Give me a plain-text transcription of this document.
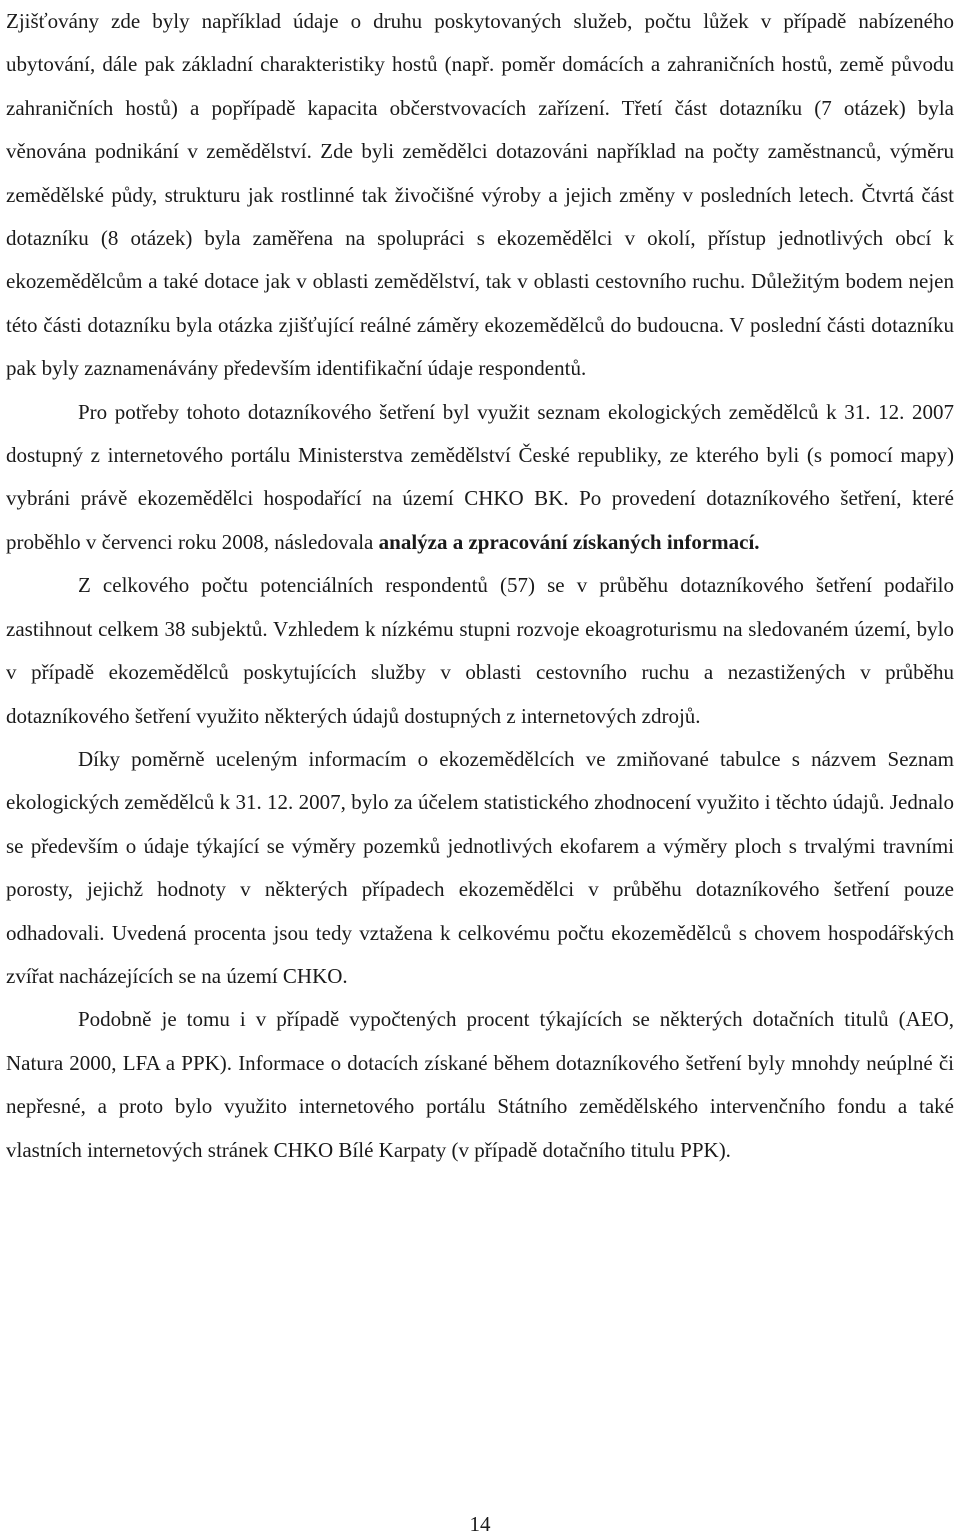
Zjišťovány zde byly například údaje o druhu poskytovaných služeb, počtu lůžek v případě nabízeného ubytování, dále pak základní charakteristiky hostů (např. poměr domácích a zahraničních hostů, země původu zahraničních hostů) a popřípadě kapacita občerstvovacích zařízení. Třetí část dotazníku (7 otázek) byla věnována podnikání v zemědělství. Zde byli zemědělci dotazováni například na počty zaměstnanců, výměru zemědělské půdy, strukturu jak rostlinné tak živočišné výroby a jejich změny v posledních letech. Čtvrtá část dotazníku (8 otázek) byla zaměřena na spolupráci s ekozemědělci v okolí, přístup jednotlivých obcí k ekozemědělcům a také dotace jak v oblasti zemědělství, tak v oblasti cestovního ruchu. Důležitým bodem nejen této části dotazníku byla otázka zjišťující reálné záměry ekozemědělců do budoucna. V poslední části dotazníku pak byly zaznamenávány především identifikační údaje respondentů.

Pro potřeby tohoto dotazníkového šetření byl využit seznam ekologických zemědělců k 31. 12. 2007 dostupný z internetového portálu Ministerstva zemědělství České republiky, ze kterého byli (s pomocí mapy) vybráni právě ekozemědělci hospodařící na území CHKO BK. Po provedení dotazníkového šetření, které proběhlo v červenci roku 2008, následovala analýza a zpracování získaných informací.

Z celkového počtu potenciálních respondentů (57) se v průběhu dotazníkového šetření podařilo zastihnout celkem 38 subjektů. Vzhledem k nízkému stupni rozvoje ekoagroturismu na sledovaném území, bylo v případě ekozemědělců poskytujících služby v oblasti cestovního ruchu a nezastižených v průběhu dotazníkového šetření využito některých údajů dostupných z internetových zdrojů.

Díky poměrně uceleným informacím o ekozemědělcích ve zmiňované tabulce s názvem Seznam ekologických zemědělců k 31. 12. 2007, bylo za účelem statistického zhodnocení využito i těchto údajů. Jednalo se především o údaje týkající se výměry pozemků jednotlivých ekofarem a výměry ploch s trvalými travními porosty, jejichž hodnoty v některých případech ekozemědělci v průběhu dotazníkového šetření pouze odhadovali. Uvedená procenta jsou tedy vztažena k celkovému počtu ekozemědělců s chovem hospodářských zvířat nacházejících se na území CHKO.

Podobně je tomu i v případě vypočtených procent týkajících se některých dotačních titulů (AEO, Natura 2000, LFA a PPK). Informace o dotacích získané během dotazníkového šetření byly mnohdy neúplné či nepřesné, a proto bylo využito internetového portálu Státního zemědělského intervenčního fondu a také vlastních internetových stránek CHKO Bílé Karpaty (v případě dotačního titulu PPK).

14
